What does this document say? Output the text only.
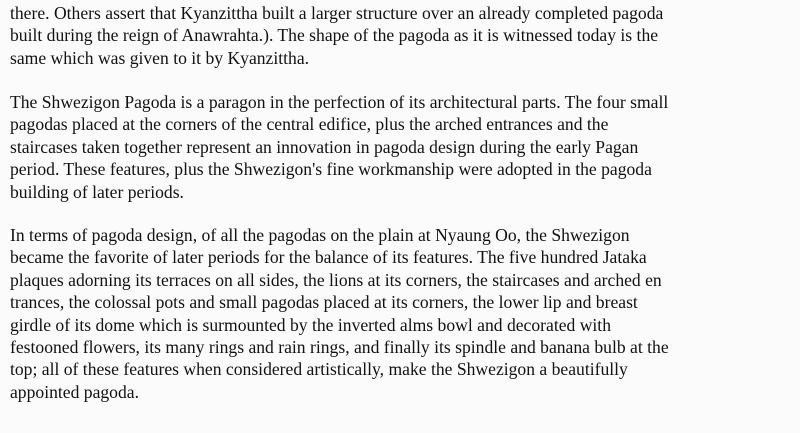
there. Others assert that Kyanzittha built a larger structure over an already completed pagoda
built during the reign of Anawrahta.). The shape of the pagoda as it is witnessed today is the
same which was given to it by Kyanzittha.
The Shwezigon Pagoda is a paragon in the perfection of its architectural parts. The four small
pagodas placed at the corners of the central edifice, plus the arched entrances and the
staircases taken together represent an innovation in pagoda design during the early Pagan
period. These features, plus the Shwezigon's fine workmanship were adopted in the pagoda
building of later periods.
In terms of pagoda design, of all the pagodas on the plain at Nyaung Oo, the Shwezigon
became the favorite of later periods for the balance of its features. The five hundred Jataka
plaques adorning its terraces on all sides, the lions at its corners, the staircases and arched en
trances, the colossal pots and small pagodas placed at its corners, the lower lip and breast
girdle of its dome which is surmounted by the inverted alms bowl and decorated with
festooned flowers, its many rings and rain rings, and finally its spindle and banana bulb at the
top; all of these features when considered artistically, make the Shwezigon a beautifully
appointed pagoda.
